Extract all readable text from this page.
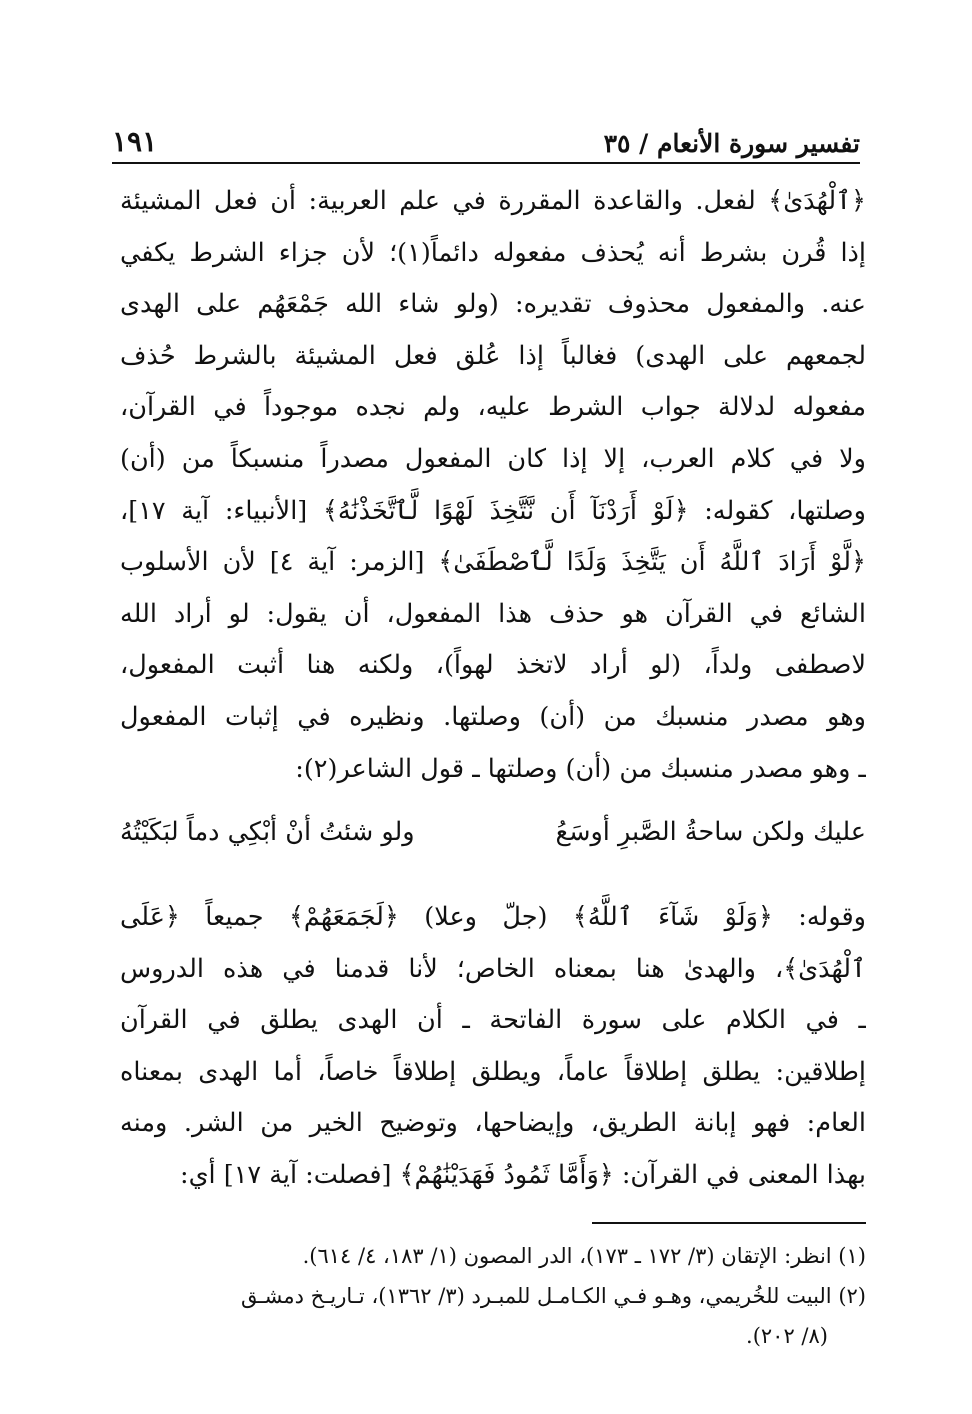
تفسير سورة الأنعام / ٣٥
١٩١
﴿ٱلْهُدَىٰ﴾ لفعل. والقاعدة المقررة في علم العربية: أن فعل المشيئة
إذا قُرن بشرط أنه يُحذف مفعوله دائماً(١)؛ لأن جزاء الشرط يكفي
عنه. والمفعول محذوف تقديره: (ولو شاء الله جَمْعَهُم على الهدى
لجمعهم على الهدى) فغالباً إذا عُلق فعل المشيئة بالشرط حُذف
مفعوله لدلالة جواب الشرط عليه، ولم نجده موجوداً في القرآن،
ولا في كلام العرب، إلا إذا كان المفعول مصدراً منسبكاً من (أن)
وصلتها، كقوله: ﴿لَوْ أَرَدْنَآ أَن نَّتَّخِذَ لَهْوًا لَّٱتَّخَذْنَٰهُ﴾ [الأنبياء: آية ١٧]،
﴿لَّوْ أَرَادَ ٱللَّهُ أَن يَتَّخِذَ وَلَدًا لَّٱصْطَفَىٰ﴾ [الزمر: آية ٤] لأن الأسلوب
الشائع في القرآن هو حذف هذا المفعول، أن يقول: لو أراد الله
لاصطفى ولداً، (لو أراد لاتخذ لهواً)، ولكنه هنا أثبت المفعول،
وهو مصدر منسبك من (أن) وصلتها. ونظيره في إثبات المفعول
ـ وهو مصدر منسبك من (أن) وصلتها ـ قول الشاعر(٢):
عليك ولكن ساحةُ الصَّبرِ أوسَعُ
ولو شئتُ أنْ أبْكِي دماً لبَكَيْتُهُ
وقوله: ﴿وَلَوْ شَآءَ ٱللَّهُ﴾ (جلّ وعلا) ﴿لَجَمَعَهُمْ﴾ جميعاً ﴿عَلَى
ٱلْهُدَىٰ﴾، والهدىٰ هنا بمعناه الخاص؛ لأنا قدمنا في هذه الدروس
ـ في الكلام على سورة الفاتحة ـ أن الهدى يطلق في القرآن
إطلاقين: يطلق إطلاقاً عاماً، ويطلق إطلاقاً خاصاً، أما الهدى بمعناه
العام: فهو إبانة الطريق، وإيضاحها، وتوضيح الخير من الشر. ومنه
بهذا المعنى في القرآن: ﴿وَأَمَّا ثَمُودُ فَهَدَيْنَٰهُمْ﴾ [فصلت: آية ١٧] أي:
(١) انظر: الإتقان (٣/ ١٧٢ ـ ١٧٣)، الدر المصون (١/ ١٨٣، ٤/ ٦١٤).
(٢) البيت للخُريمي، وهـو فـي الكـامـل للمبـرد (٣/ ١٣٦٢)، تـاريـخ دمشـق
(٨/ ٢٠٢).
